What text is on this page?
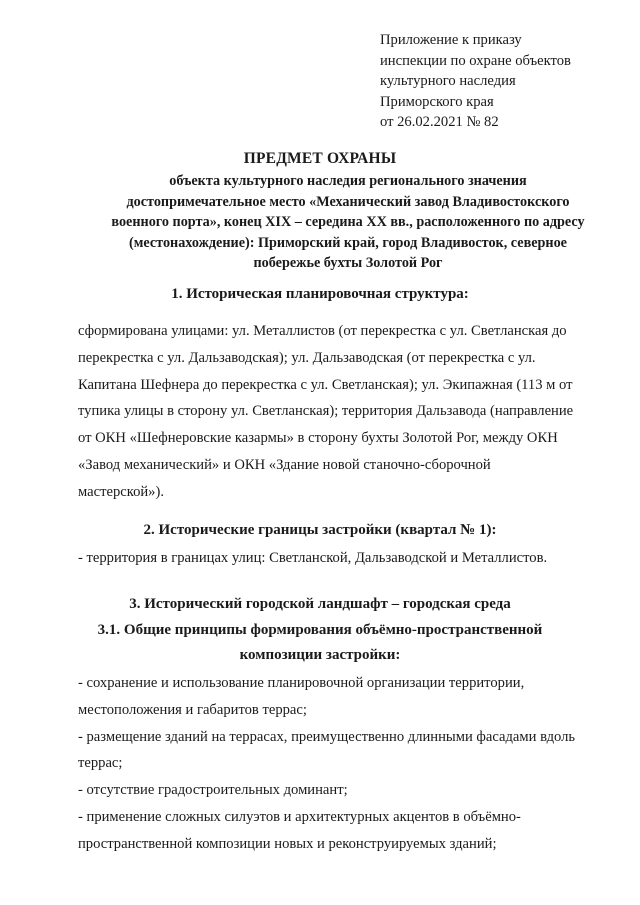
Приложение к приказу
инспекции по охране объектов
культурного наследия
Приморского края
от 26.02.2021 № 82
ПРЕДМЕТ ОХРАНЫ
объекта культурного наследия регионального значения
достопримечательное место «Механический завод Владивостокского
военного порта», конец XIX – середина XX вв., расположенного по адресу
(местонахождение): Приморский край, город Владивосток, северное
побережье бухты Золотой Рог
1. Историческая планировочная структура:
сформирована улицами: ул. Металлистов (от перекрестка с ул. Светланская до
перекрестка с ул. Дальзаводская); ул. Дальзаводская (от перекрестка с ул.
Капитана Шефнера до перекрестка с ул. Светланская); ул. Экипажная (113 м от
тупика улицы в сторону ул. Светланская); территория Дальзавода (направление
от ОКН «Шефнеровские казармы» в сторону бухты Золотой Рог, между ОКН
«Завод механический» и ОКН «Здание новой станочно-сборочной
мастерской»).
2. Исторические границы застройки (квартал № 1):
- территория в границах улиц: Светланской, Дальзаводской и Металлистов.
3. Исторический городской ландшафт – городская среда
3.1. Общие принципы формирования объёмно-пространственной
композиции застройки:
- сохранение и использование планировочной организации территории,
местоположения и габаритов террас;
- размещение зданий на террасах, преимущественно длинными фасадами вдоль
террас;
- отсутствие градостроительных доминант;
- применение сложных силуэтов и архитектурных акцентов в объёмно-
пространственной композиции новых и реконструируемых зданий;
